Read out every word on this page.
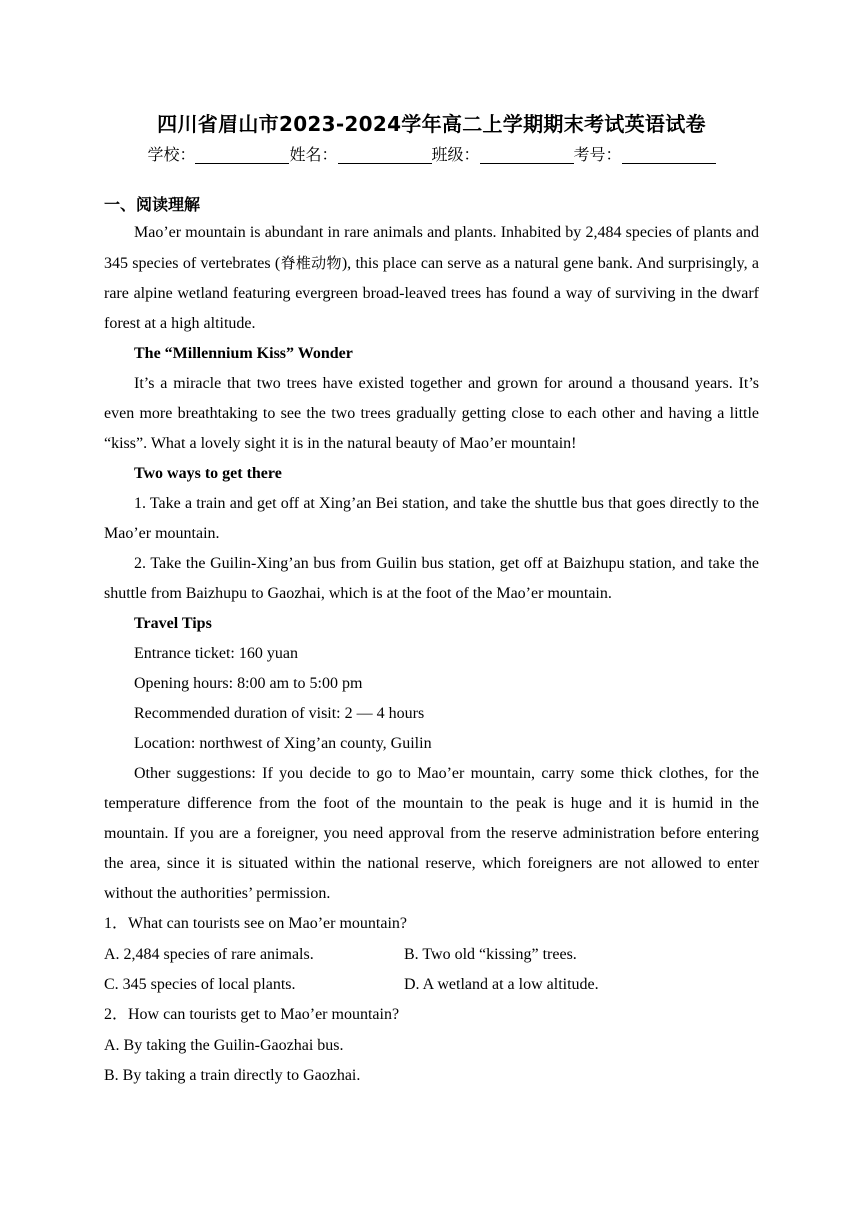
四川省眉山市2023-2024学年高二上学期期末考试英语试卷
学校：	姓名：	班级：	考号：
一、阅读理解

Mao’er mountain is abundant in rare animals and plants. Inhabited by 2,484 species of plants and 345 species of vertebrates (脊椎动物), this place can serve as a natural gene bank. And surprisingly, a rare alpine wetland featuring evergreen broad-leaved trees has found a way of surviving in the dwarf forest at a high altitude.

The “Millennium Kiss” Wonder

It’s a miracle that two trees have existed together and grown for around a thousand years. It’s even more breathtaking to see the two trees gradually getting close to each other and having a little “kiss”. What a lovely sight it is in the natural beauty of Mao’er mountain!

Two ways to get there

1. Take a train and get off at Xing’an Bei station, and take the shuttle bus that goes directly to the Mao’er mountain.

2. Take the Guilin-Xing’an bus from Guilin bus station, get off at Baizhupu station, and take the shuttle from Baizhupu to Gaozhai, which is at the foot of the Mao’er mountain.

Travel Tips

Entrance ticket: 160 yuan

Opening hours: 8:00 am to 5:00 pm

Recommended duration of visit: 2 — 4 hours

Location: northwest of Xing’an county, Guilin

Other suggestions: If you decide to go to Mao’er mountain, carry some thick clothes, for the temperature difference from the foot of the mountain to the peak is huge and it is humid in the mountain. If you are a foreigner, you need approval from the reserve administration before entering the area, since it is situated within the national reserve, which foreigners are not allowed to enter without the authorities’ permission.

1．What can tourists see on Mao’er mountain?
A. 2,484 species of rare animals.	B. Two old “kissing” trees.
C. 345 species of local plants.	D. A wetland at a low altitude.
2．How can tourists get to Mao’er mountain?
A. By taking the Guilin-Gaozhai bus.
B. By taking a train directly to Gaozhai.
